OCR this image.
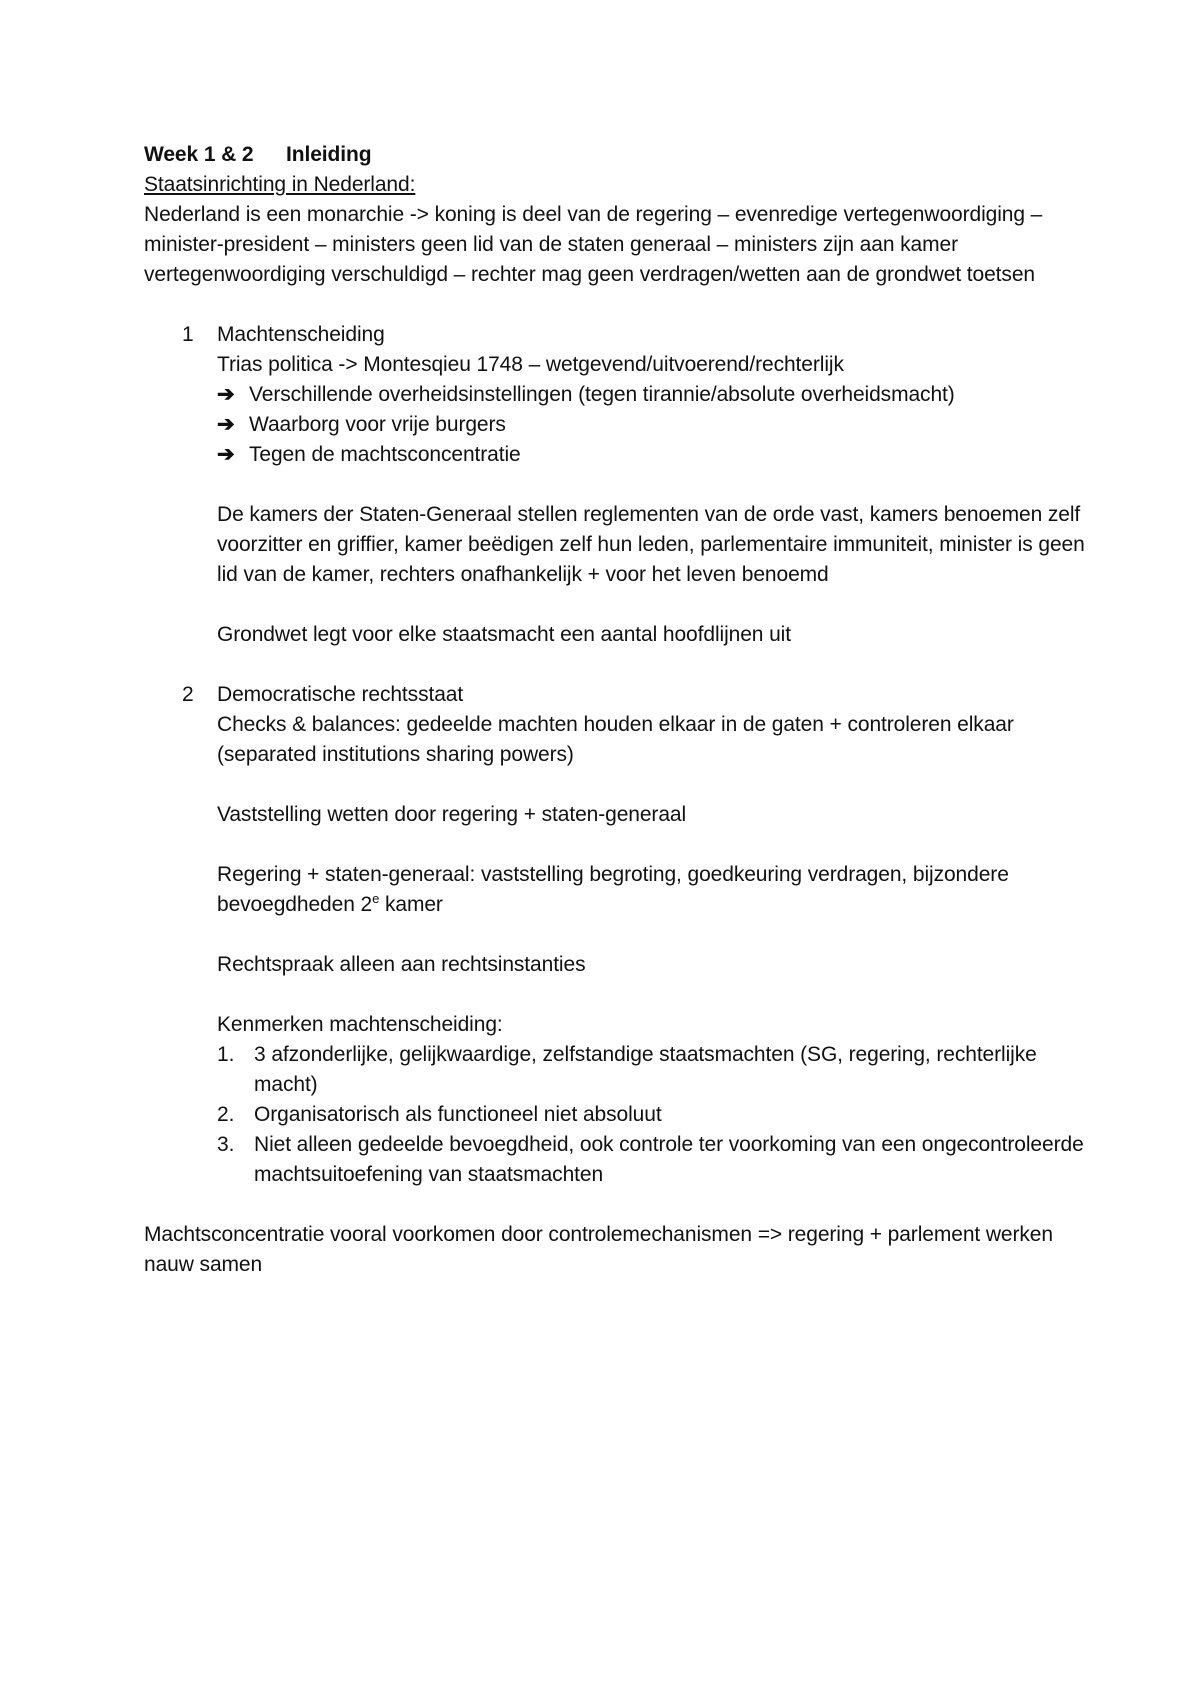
Week 1 & 2 Inleiding
Staatsinrichting in Nederland:

Nederland is een monarchie -> koning is deel van de regering – evenredige vertegenwoordiging – minister-president – ministers geen lid van de staten generaal – ministers zijn aan kamer vertegenwoordiging verschuldigd – rechter mag geen verdragen/wetten aan de grondwet toetsen

1 Machtenscheiding
Trias politica -> Montesqieu 1748 – wetgevend/uitvoerend/rechterlijk
➔ Verschillende overheidsinstellingen (tegen tirannie/absolute overheidsmacht)
➔ Waarborg voor vrije burgers
➔ Tegen de machtsconcentratie

De kamers der Staten-Generaal stellen reglementen van de orde vast, kamers benoemen zelf voorzitter en griffier, kamer beëdigen zelf hun leden, parlementaire immuniteit, minister is geen lid van de kamer, rechters onafhankelijk + voor het leven benoemd

Grondwet legt voor elke staatsmacht een aantal hoofdlijnen uit

2 Democratische rechtsstaat

Checks & balances: gedeelde machten houden elkaar in de gaten + controleren elkaar (separated institutions sharing powers)

Vaststelling wetten door regering + staten-generaal

Regering + staten-generaal: vaststelling begroting, goedkeuring verdragen, bijzondere bevoegdheden 2e kamer

Rechtspraak alleen aan rechtsinstanties

Kenmerken machtenscheiding:
1. 3 afzonderlijke, gelijkwaardige, zelfstandige staatsmachten (SG, regering, rechterlijke macht)
2. Organisatorisch als functioneel niet absoluut
3. Niet alleen gedeelde bevoegdheid, ook controle ter voorkoming van een ongecontroleerde machtsuitoefening van staatsmachten

Machtsconcentratie vooral voorkomen door controlemechanismen => regering + parlement werken nauw samen
